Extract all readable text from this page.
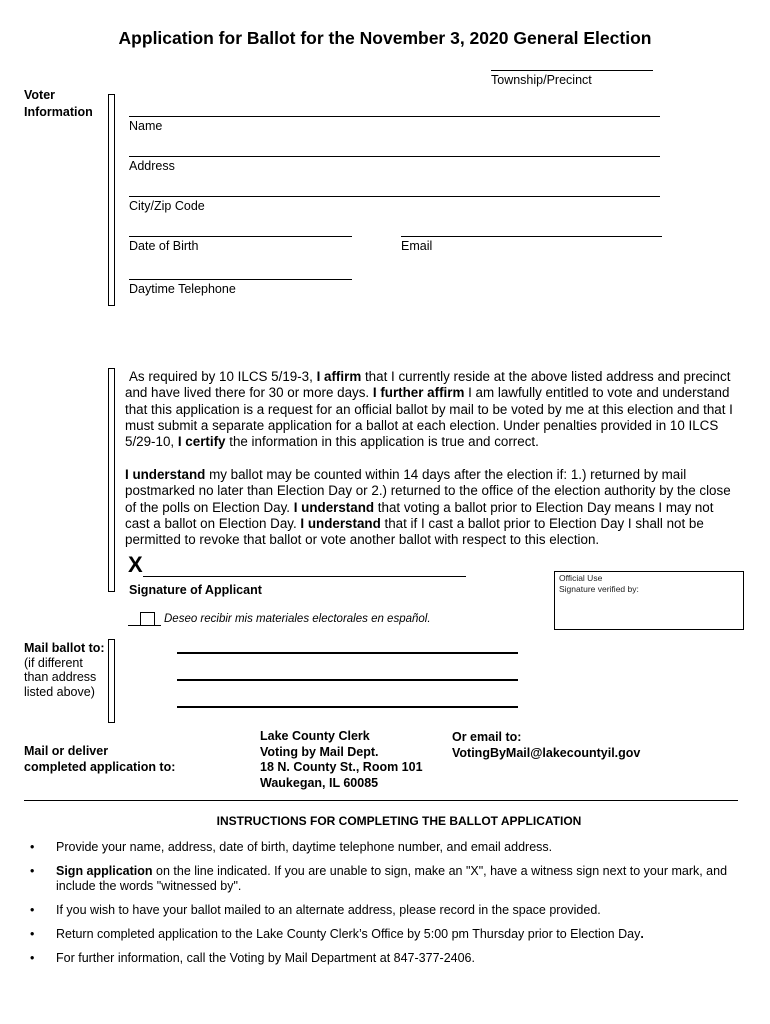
Application for Ballot for the November 3, 2020 General Election
Township/Precinct
Voter
Information
Name
Address
City/Zip Code
Date of Birth	Email
Daytime Telephone
As required by 10 ILCS 5/19-3, I affirm that I currently reside at the above listed address and precinct and have lived there for 30 or more days. I further affirm I am lawfully entitled to vote and understand that this application is a request for an official ballot by mail to be voted by me at this election and that I must submit a separate application for a ballot at each election. Under penalties provided in 10 ILCS 5/29-10, I certify the information in this application is true and correct.
I understand my ballot may be counted within 14 days after the election if: 1.) returned by mail postmarked no later than Election Day or 2.) returned to the office of the election authority by the close of the polls on Election Day. I understand that voting a ballot prior to Election Day means I may not cast a ballot on Election Day. I understand that if I cast a ballot prior to Election Day I shall not be permitted to revoke that ballot or vote another ballot with respect to this election.
X
Signature of Applicant
Official Use
Signature verified by:
Deseo recibir mis materiales electorales en español.
Mail ballot to:
(if different
than address
listed above)
Mail or deliver
completed application to:
Lake County Clerk
Voting by Mail Dept.
18 N. County St., Room 101
Waukegan, IL 60085
Or email to:
VotingByMail@lakecountyil.gov
INSTRUCTIONS FOR COMPLETING THE BALLOT APPLICATION
• Provide your name, address, date of birth, daytime telephone number, and email address.
• Sign application on the line indicated. If you are unable to sign, make an "X", have a witness sign next to your mark, and include the words "witnessed by".
• If you wish to have your ballot mailed to an alternate address, please record in the space provided.
• Return completed application to the Lake County Clerk’s Office by 5:00 pm Thursday prior to Election Day.
• For further information, call the Voting by Mail Department at 847-377-2406.
